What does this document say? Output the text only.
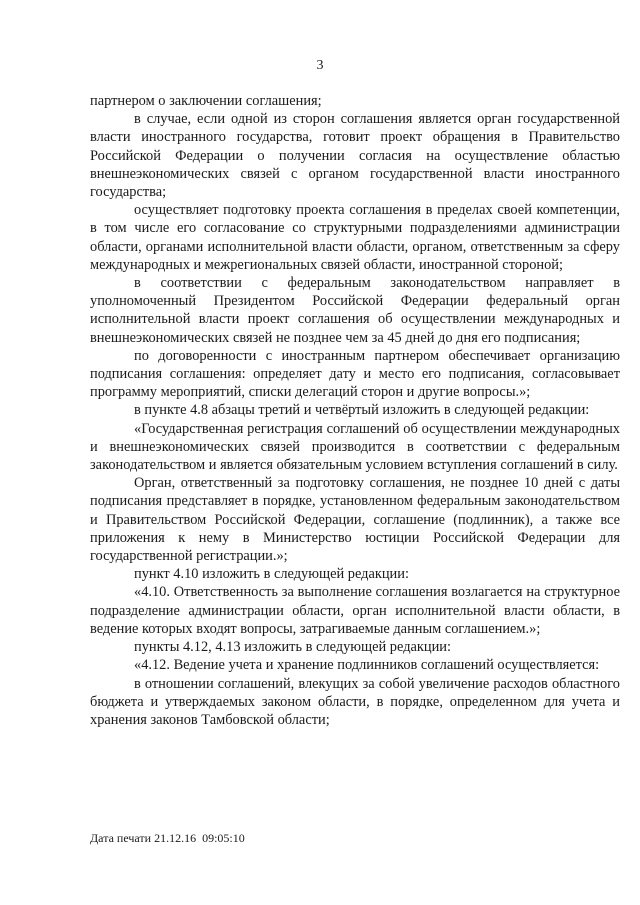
3

партнером о заключении соглашения;

в случае, если одной из сторон соглашения является орган государственной власти иностранного государства, готовит проект обращения в Правительство Российской Федерации о получении согласия на осуществление областью внешнеэкономических связей с органом государственной власти иностранного государства;

осуществляет подготовку проекта соглашения в пределах своей компетенции, в том числе его согласование со структурными подразделениями администрации области, органами исполнительной власти области, органом, ответственным за сферу международных и межрегиональных связей области, иностранной стороной;

в соответствии с федеральным законодательством направляет в уполномоченный Президентом Российской Федерации федеральный орган исполнительной власти проект соглашения об осуществлении международных и внешнеэкономических связей не позднее чем за 45 дней до дня его подписания;

по договоренности с иностранным партнером обеспечивает организацию подписания соглашения: определяет дату и место его подписания, согласовывает программу мероприятий, списки делегаций сторон и другие вопросы.»;

в пункте 4.8 абзацы третий и четвёртый изложить в следующей редакции:

«Государственная регистрация соглашений об осуществлении международных и внешнеэкономических связей производится в соответствии с федеральным законодательством и является обязательным условием вступления соглашений в силу.

Орган, ответственный за подготовку соглашения, не позднее 10 дней с даты подписания представляет в порядке, установленном федеральным законодательством и Правительством Российской Федерации, соглашение (подлинник), а также все приложения к нему в Министерство юстиции Российской Федерации для государственной регистрации.»;

пункт 4.10 изложить в следующей редакции:

«4.10. Ответственность за выполнение соглашения возлагается на структурное подразделение администрации области, орган исполнительной власти области, в ведение которых входят вопросы, затрагиваемые данным соглашением.»;

пункты 4.12, 4.13 изложить в следующей редакции:

«4.12. Ведение учета и хранение подлинников соглашений осуществляется:

в отношении соглашений, влекущих за собой увеличение расходов областного бюджета и утверждаемых законом области, в порядке, определенном для учета и хранения законов Тамбовской области;

Дата печати 21.12.16  09:05:10
